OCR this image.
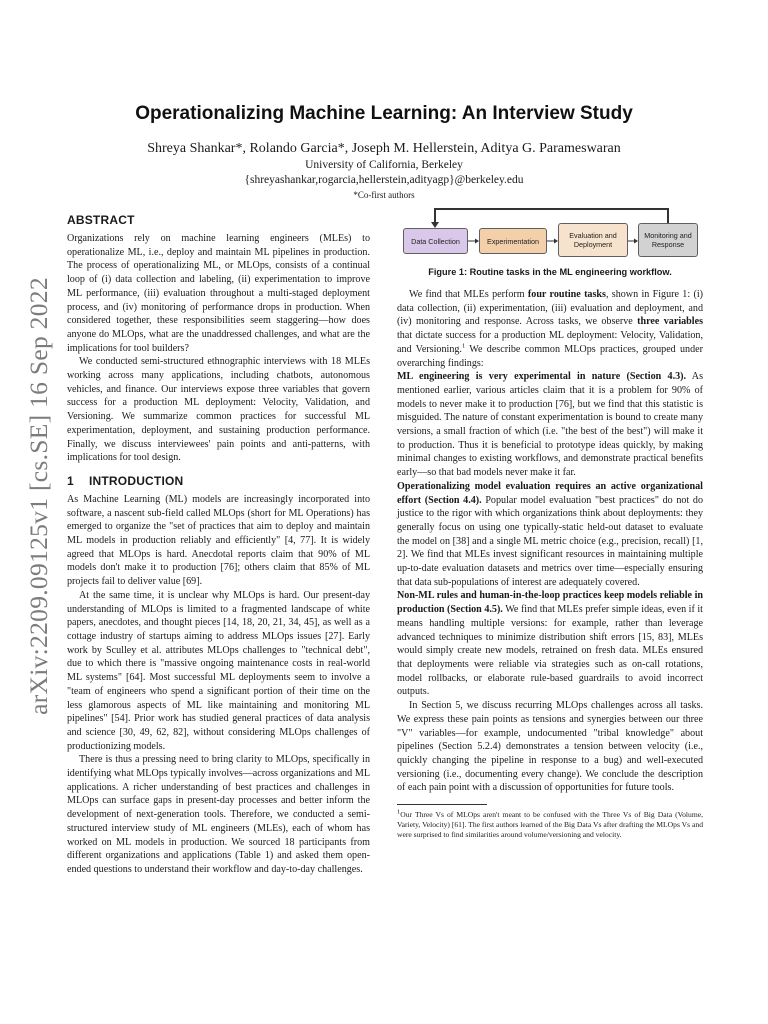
arXiv:2209.09125v1 [cs.SE] 16 Sep 2022
Operationalizing Machine Learning: An Interview Study
Shreya Shankar*, Rolando Garcia*, Joseph M. Hellerstein, Aditya G. Parameswaran
University of California, Berkeley
{shreyashankar,rogarcia,hellerstein,adityagp}@berkeley.edu
*Co-first authors
ABSTRACT

Organizations rely on machine learning engineers (MLEs) to operationalize ML, i.e., deploy and maintain ML pipelines in production. The process of operationalizing ML, or MLOps, consists of a continual loop of (i) data collection and labeling, (ii) experimentation to improve ML performance, (iii) evaluation throughout a multi-staged deployment process, and (iv) monitoring of performance drops in production. When considered together, these responsibilities seem staggering—how does anyone do MLOps, what are the unaddressed challenges, and what are the implications for tool builders?

We conducted semi-structured ethnographic interviews with 18 MLEs working across many applications, including chatbots, autonomous vehicles, and finance. Our interviews expose three variables that govern success for a production ML deployment: Velocity, Validation, and Versioning. We summarize common practices for successful ML experimentation, deployment, and sustaining production performance. Finally, we discuss interviewees' pain points and anti-patterns, with implications for tool design.

1 INTRODUCTION

As Machine Learning (ML) models are increasingly incorporated into software, a nascent sub-field called MLOps (short for ML Operations) has emerged to organize the "set of practices that aim to deploy and maintain ML models in production reliably and efficiently" [4, 77]. It is widely agreed that MLOps is hard. Anecdotal reports claim that 90% of ML models don't make it to production [76]; others claim that 85% of ML projects fail to deliver value [69].

At the same time, it is unclear why MLOps is hard. Our present-day understanding of MLOps is limited to a fragmented landscape of white papers, anecdotes, and thought pieces [14, 18, 20, 21, 34, 45], as well as a cottage industry of startups aiming to address MLOps issues [27]. Early work by Sculley et al. attributes MLOps challenges to "technical debt", due to which there is "massive ongoing maintenance costs in real-world ML systems" [64]. Most successful ML deployments seem to involve a "team of engineers who spend a significant portion of their time on the less glamorous aspects of ML like maintaining and monitoring ML pipelines" [54]. Prior work has studied general practices of data analysis and science [30, 49, 62, 82], without considering MLOps challenges of productionizing models.

There is thus a pressing need to bring clarity to MLOps, specifically in identifying what MLOps typically involves—across organizations and ML applications. A richer understanding of best practices and challenges in MLOps can surface gaps in present-day processes and better inform the development of next-generation tools. Therefore, we conducted a semi-structured interview study of ML engineers (MLEs), each of whom has worked on ML models in production. We sourced 18 participants from different organizations and applications (Table 1) and asked them open-ended questions to understand their workflow and day-to-day challenges.

Data Collection	Experimentation
Evaluation and Deployment
Monitoring and Response
Figure 1: Routine tasks in the ML engineering workflow.

We find that MLEs perform four routine tasks, shown in Figure 1: (i) data collection, (ii) experimentation, (iii) evaluation and deployment, and (iv) monitoring and response. Across tasks, we observe three variables that dictate success for a production ML deployment: Velocity, Validation, and Versioning.$^1$ We describe common MLOps practices, grouped under overarching findings:

ML engineering is very experimental in nature (Section 4.3). As mentioned earlier, various articles claim that it is a problem for 90% of models to never make it to production [76], but we find that this statistic is misguided. The nature of constant experimentation is bound to create many versions, a small fraction of which (i.e. "the best of the best") will make it to production. Thus it is beneficial to prototype ideas quickly, by making minimal changes to existing workflows, and demonstrate practical benefits early—so that bad models never make it far.

Operationalizing model evaluation requires an active organizational effort (Section 4.4). Popular model evaluation "best practices" do not do justice to the rigor with which organizations think about deployments: they generally focus on using one typically-static held-out dataset to evaluate the model on [38] and a single ML metric choice (e.g., precision, recall) [1, 2]. We find that MLEs invest significant resources in maintaining multiple up-to-date evaluation datasets and metrics over time—especially ensuring that data sub-populations of interest are adequately covered.

Non-ML rules and human-in-the-loop practices keep models reliable in production (Section 4.5). We find that MLEs prefer simple ideas, even if it means handling multiple versions: for example, rather than leverage advanced techniques to minimize distribution shift errors [15, 83], MLEs would simply create new models, retrained on fresh data. MLEs ensured that deployments were reliable via strategies such as on-call rotations, model rollbacks, or elaborate rule-based guardrails to avoid incorrect outputs.

In Section 5, we discuss recurring MLOps challenges across all tasks. We express these pain points as tensions and synergies between our three "V" variables—for example, undocumented "tribal knowledge" about pipelines (Section 5.2.4) demonstrates a tension between velocity (i.e., quickly changing the pipeline in response to a bug) and well-executed versioning (i.e., documenting every change). We conclude the description of each pain point with a discussion of opportunities for future tools.

$^1$Our Three Vs of MLOps aren't meant to be confused with the Three Vs of Big Data (Volume, Variety, Velocity) [61]. The first authors learned of the Big Data Vs after drafting the MLOps Vs and were surprised to find similarities around volume/versioning and velocity.
